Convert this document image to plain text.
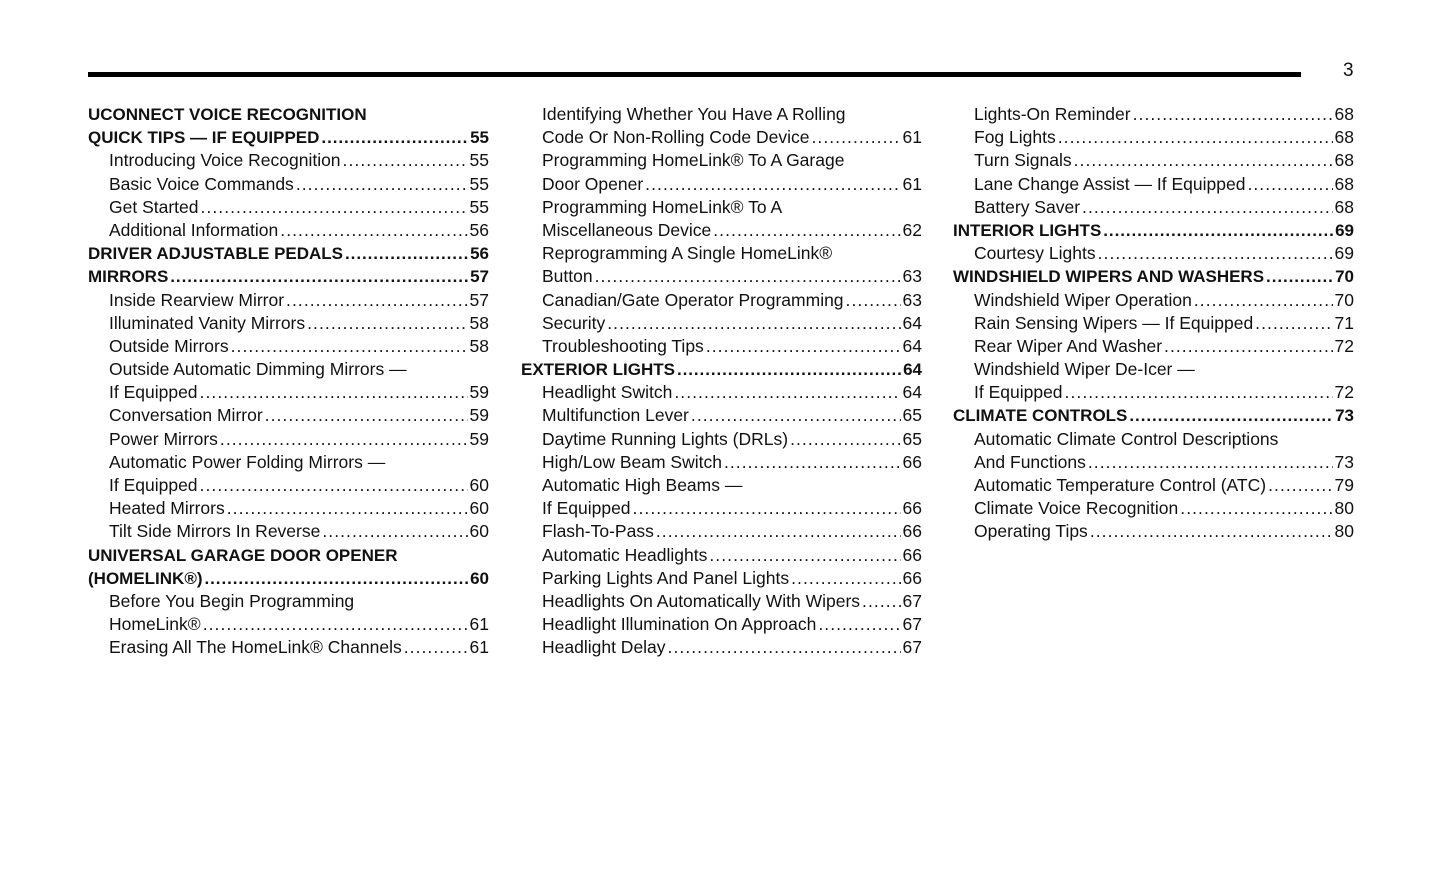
3
UCONNECT VOICE RECOGNITION
QUICK TIPS — IF EQUIPPED . . .	55
Introducing Voice Recognition . . .	55
Basic Voice Commands . . .	55
Get Started . . .	55
Additional Information . . .	56
DRIVER ADJUSTABLE PEDALS . . .	56
MIRRORS . . .	57
Inside Rearview Mirror . . .	57
Illuminated Vanity Mirrors . . .	58
Outside Mirrors . . .	58
Outside Automatic Dimming Mirrors —
If Equipped . . .	59
Conversation Mirror . . .	59
Power Mirrors . . .	59
Automatic Power Folding Mirrors —
If Equipped . . .	60
Heated Mirrors . . .	60
Tilt Side Mirrors In Reverse . . .	60
UNIVERSAL GARAGE DOOR OPENER
(HOMELINK®) . . .	60
Before You Begin Programming
HomeLink® . . .	61
Erasing All The HomeLink® Channels . . .	61
Identifying Whether You Have A Rolling
Code Or Non-Rolling Code Device . . .	61
Programming HomeLink® To A Garage
Door Opener . . .	61
Programming HomeLink® To A
Miscellaneous Device . . .	62
Reprogramming A Single HomeLink®
Button . . .	63
Canadian/Gate Operator Programming . . .	63
Security . . .	64
Troubleshooting Tips . . .	64
EXTERIOR LIGHTS . . .	64
Headlight Switch . . .	64
Multifunction Lever . . .	65
Daytime Running Lights (DRLs) . . .	65
High/Low Beam Switch . . .	66
Automatic High Beams —
If Equipped . . .	66
Flash-To-Pass . . .	66
Automatic Headlights . . .	66
Parking Lights And Panel Lights . . .	66
Headlights On Automatically With Wipers . . . 67
Headlight Illumination On Approach . . .	67
Headlight Delay . . .	67
Lights-On Reminder . . .	68
Fog Lights . . .	68
Turn Signals . . .	68
Lane Change Assist — If Equipped . . .	68
Battery Saver . . .	68
INTERIOR LIGHTS . . .	69
Courtesy Lights . . .	69
WINDSHIELD WIPERS AND WASHERS . . .	70
Windshield Wiper Operation . . .	70
Rain Sensing Wipers — If Equipped . . .	71
Rear Wiper And Washer . . .	72
Windshield Wiper De-Icer —
If Equipped . . .	72
CLIMATE CONTROLS . . .	73
Automatic Climate Control Descriptions
And Functions . . .	73
Automatic Temperature Control (ATC) . . .	79
Climate Voice Recognition . . .	80
Operating Tips . . .	80
